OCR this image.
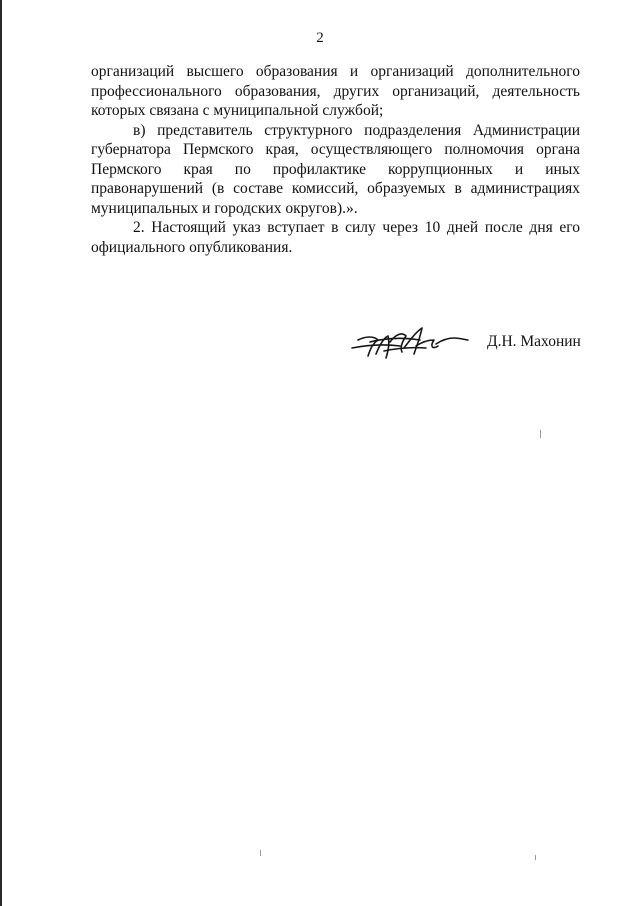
2

организаций высшего образования и организаций дополнительного профессионального образования, других организаций, деятельность которых связана с муниципальной службой;

в) представитель структурного подразделения Администрации губернатора Пермского края, осуществляющего полномочия органа Пермского края по профилактике коррупционных и иных правонарушений (в составе комиссий, образуемых в администрациях муниципальных и городских округов).».

2. Настоящий указ вступает в силу через 10 дней после дня его официального опубликования.

Д.Н. Махонин
